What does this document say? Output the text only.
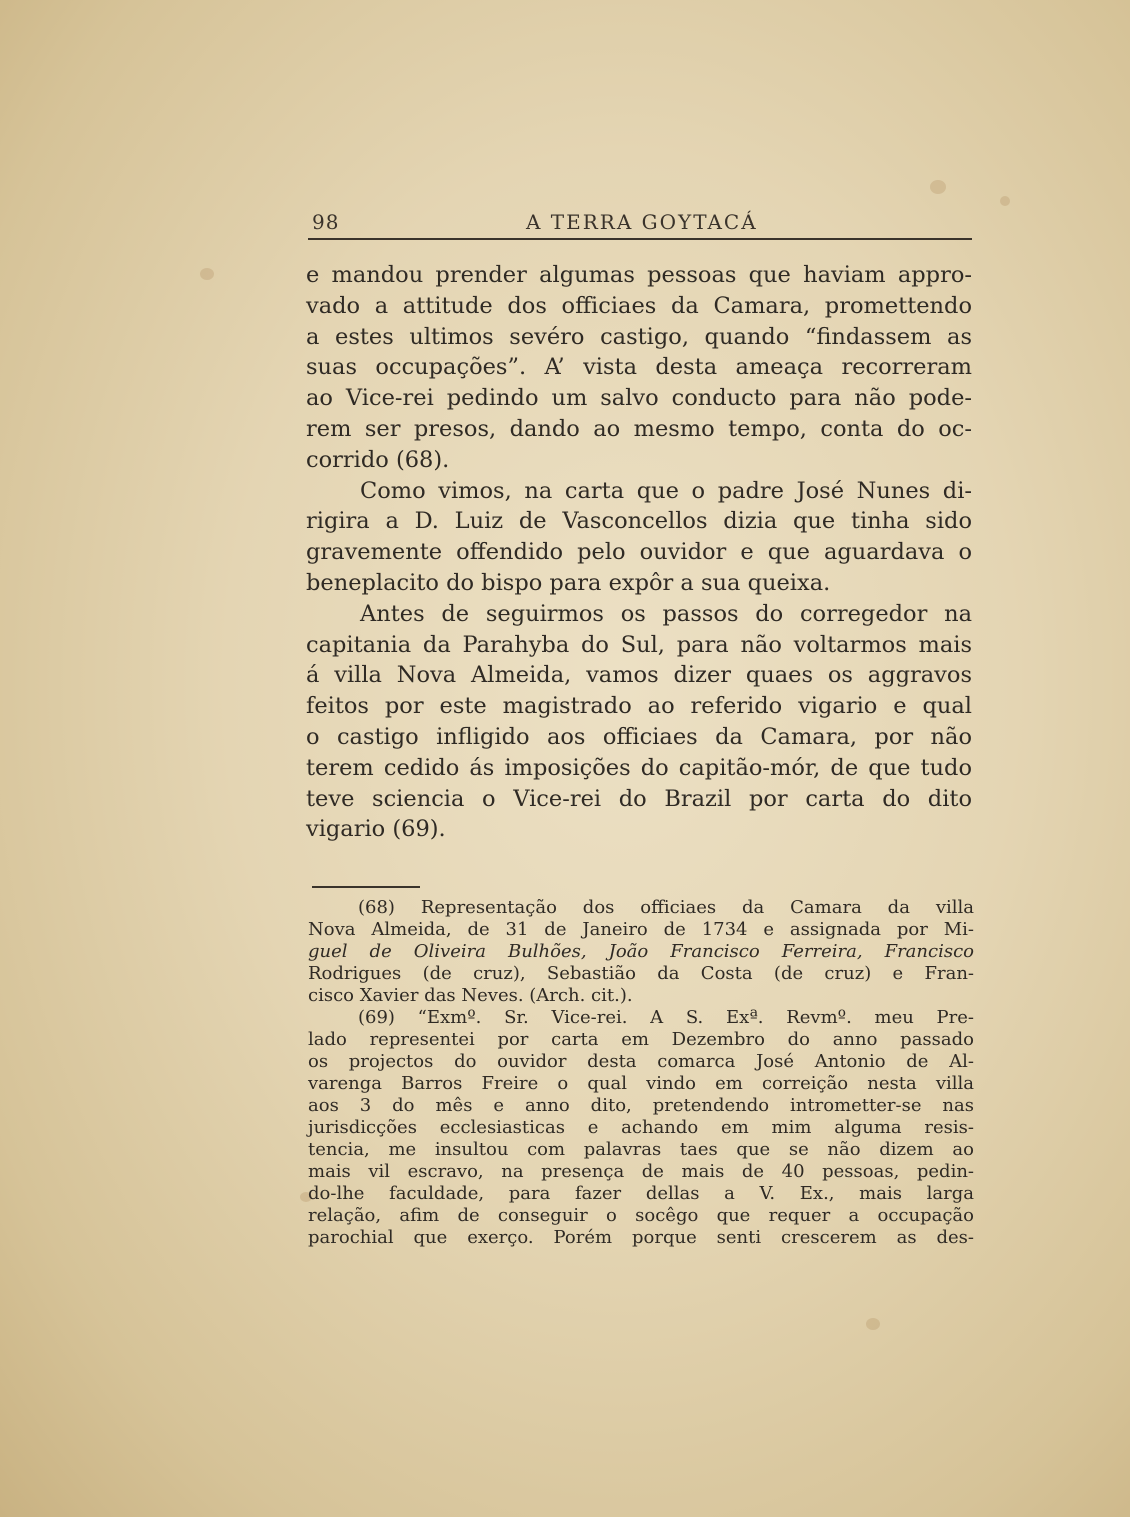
98	A TERRA GOYTACÁ
e mandou prender algumas pessoas que haviam appro-
vado a attitude dos officiaes da Camara, promettendo
a estes ultimos sevéro castigo, quando “findassem as
suas occupações”. A’ vista desta ameaça recorreram
ao Vice-rei pedindo um salvo conducto para não pode-
rem ser presos, dando ao mesmo tempo, conta do oc-
corrido (68).
Como vimos, na carta que o padre José Nunes di-
rigira a D. Luiz de Vasconcellos dizia que tinha sido
gravemente offendido pelo ouvidor e que aguardava o
beneplacito do bispo para expôr a sua queixa.
Antes de seguirmos os passos do corregedor na
capitania da Parahyba do Sul, para não voltarmos mais
á villa Nova Almeida, vamos dizer quaes os aggravos
feitos por este magistrado ao referido vigario e qual
o castigo infligido aos officiaes da Camara, por não
terem cedido ás imposições do capitão-mór, de que tudo
teve sciencia o Vice-rei do Brazil por carta do dito
vigario (69).
(68) Representação dos officiaes da Camara da villa
Nova Almeida, de 31 de Janeiro de 1734 e assignada por Mi-
guel de Oliveira Bulhões, João Francisco Ferreira, Francisco
Rodrigues (de cruz), Sebastião da Costa (de cruz) e Fran-
cisco Xavier das Neves. (Arch. cit.).
(69) “Exmº. Sr. Vice-rei. A S. Exª. Revmº. meu Pre-
lado representei por carta em Dezembro do anno passado
os projectos do ouvidor desta comarca José Antonio de Al-
varenga Barros Freire o qual vindo em correição nesta villa
aos 3 do mês e anno dito, pretendendo intrometter-se nas
jurisdicções ecclesiasticas e achando em mim alguma resis-
tencia, me insultou com palavras taes que se não dizem ao
mais vil escravo, na presença de mais de 40 pessoas, pedin-
do-lhe faculdade, para fazer dellas a V. Ex., mais larga
relação, afim de conseguir o socêgo que requer a occupação
parochial que exerço. Porém porque senti crescerem as des-
